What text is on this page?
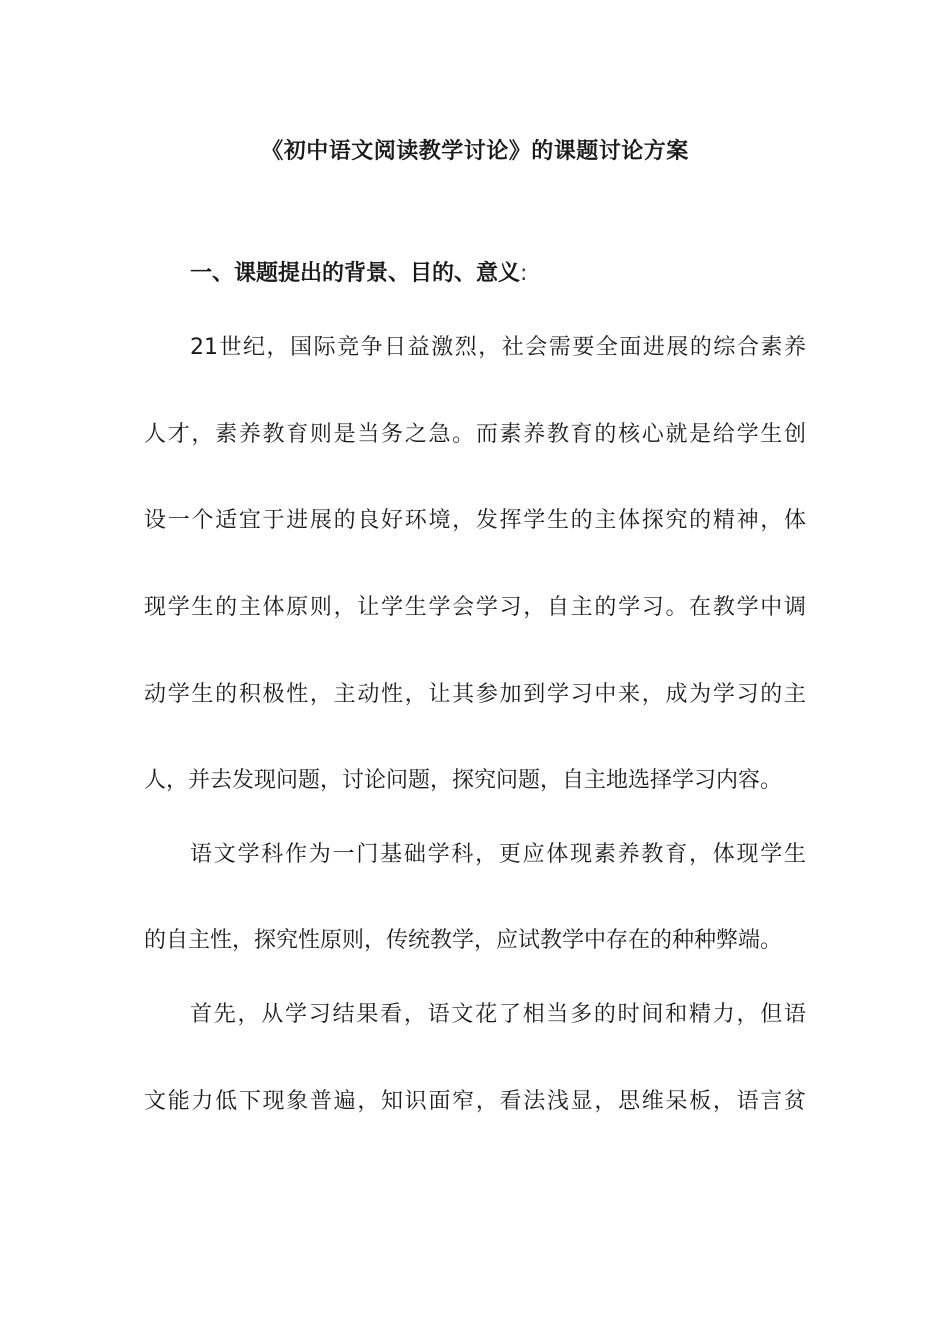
《初中语文阅读教学讨论》的课题讨论方案
一、课题提出的背景、目的、意义:
21世纪，国际竞争日益激烈，社会需要全面进展的综合素养
人才，素养教育则是当务之急。而素养教育的核心就是给学生创
设一个适宜于进展的良好环境，发挥学生的主体探究的精神，体
现学生的主体原则，让学生学会学习，自主的学习。在教学中调
动学生的积极性，主动性，让其参加到学习中来，成为学习的主
人，并去发现问题，讨论问题，探究问题，自主地选择学习内容。
语文学科作为一门基础学科，更应体现素养教育，体现学生
的自主性，探究性原则，传统教学，应试教学中存在的种种弊端。
首先，从学习结果看，语文花了相当多的时间和精力，但语
文能力低下现象普遍，知识面窄，看法浅显，思维呆板，语言贫
